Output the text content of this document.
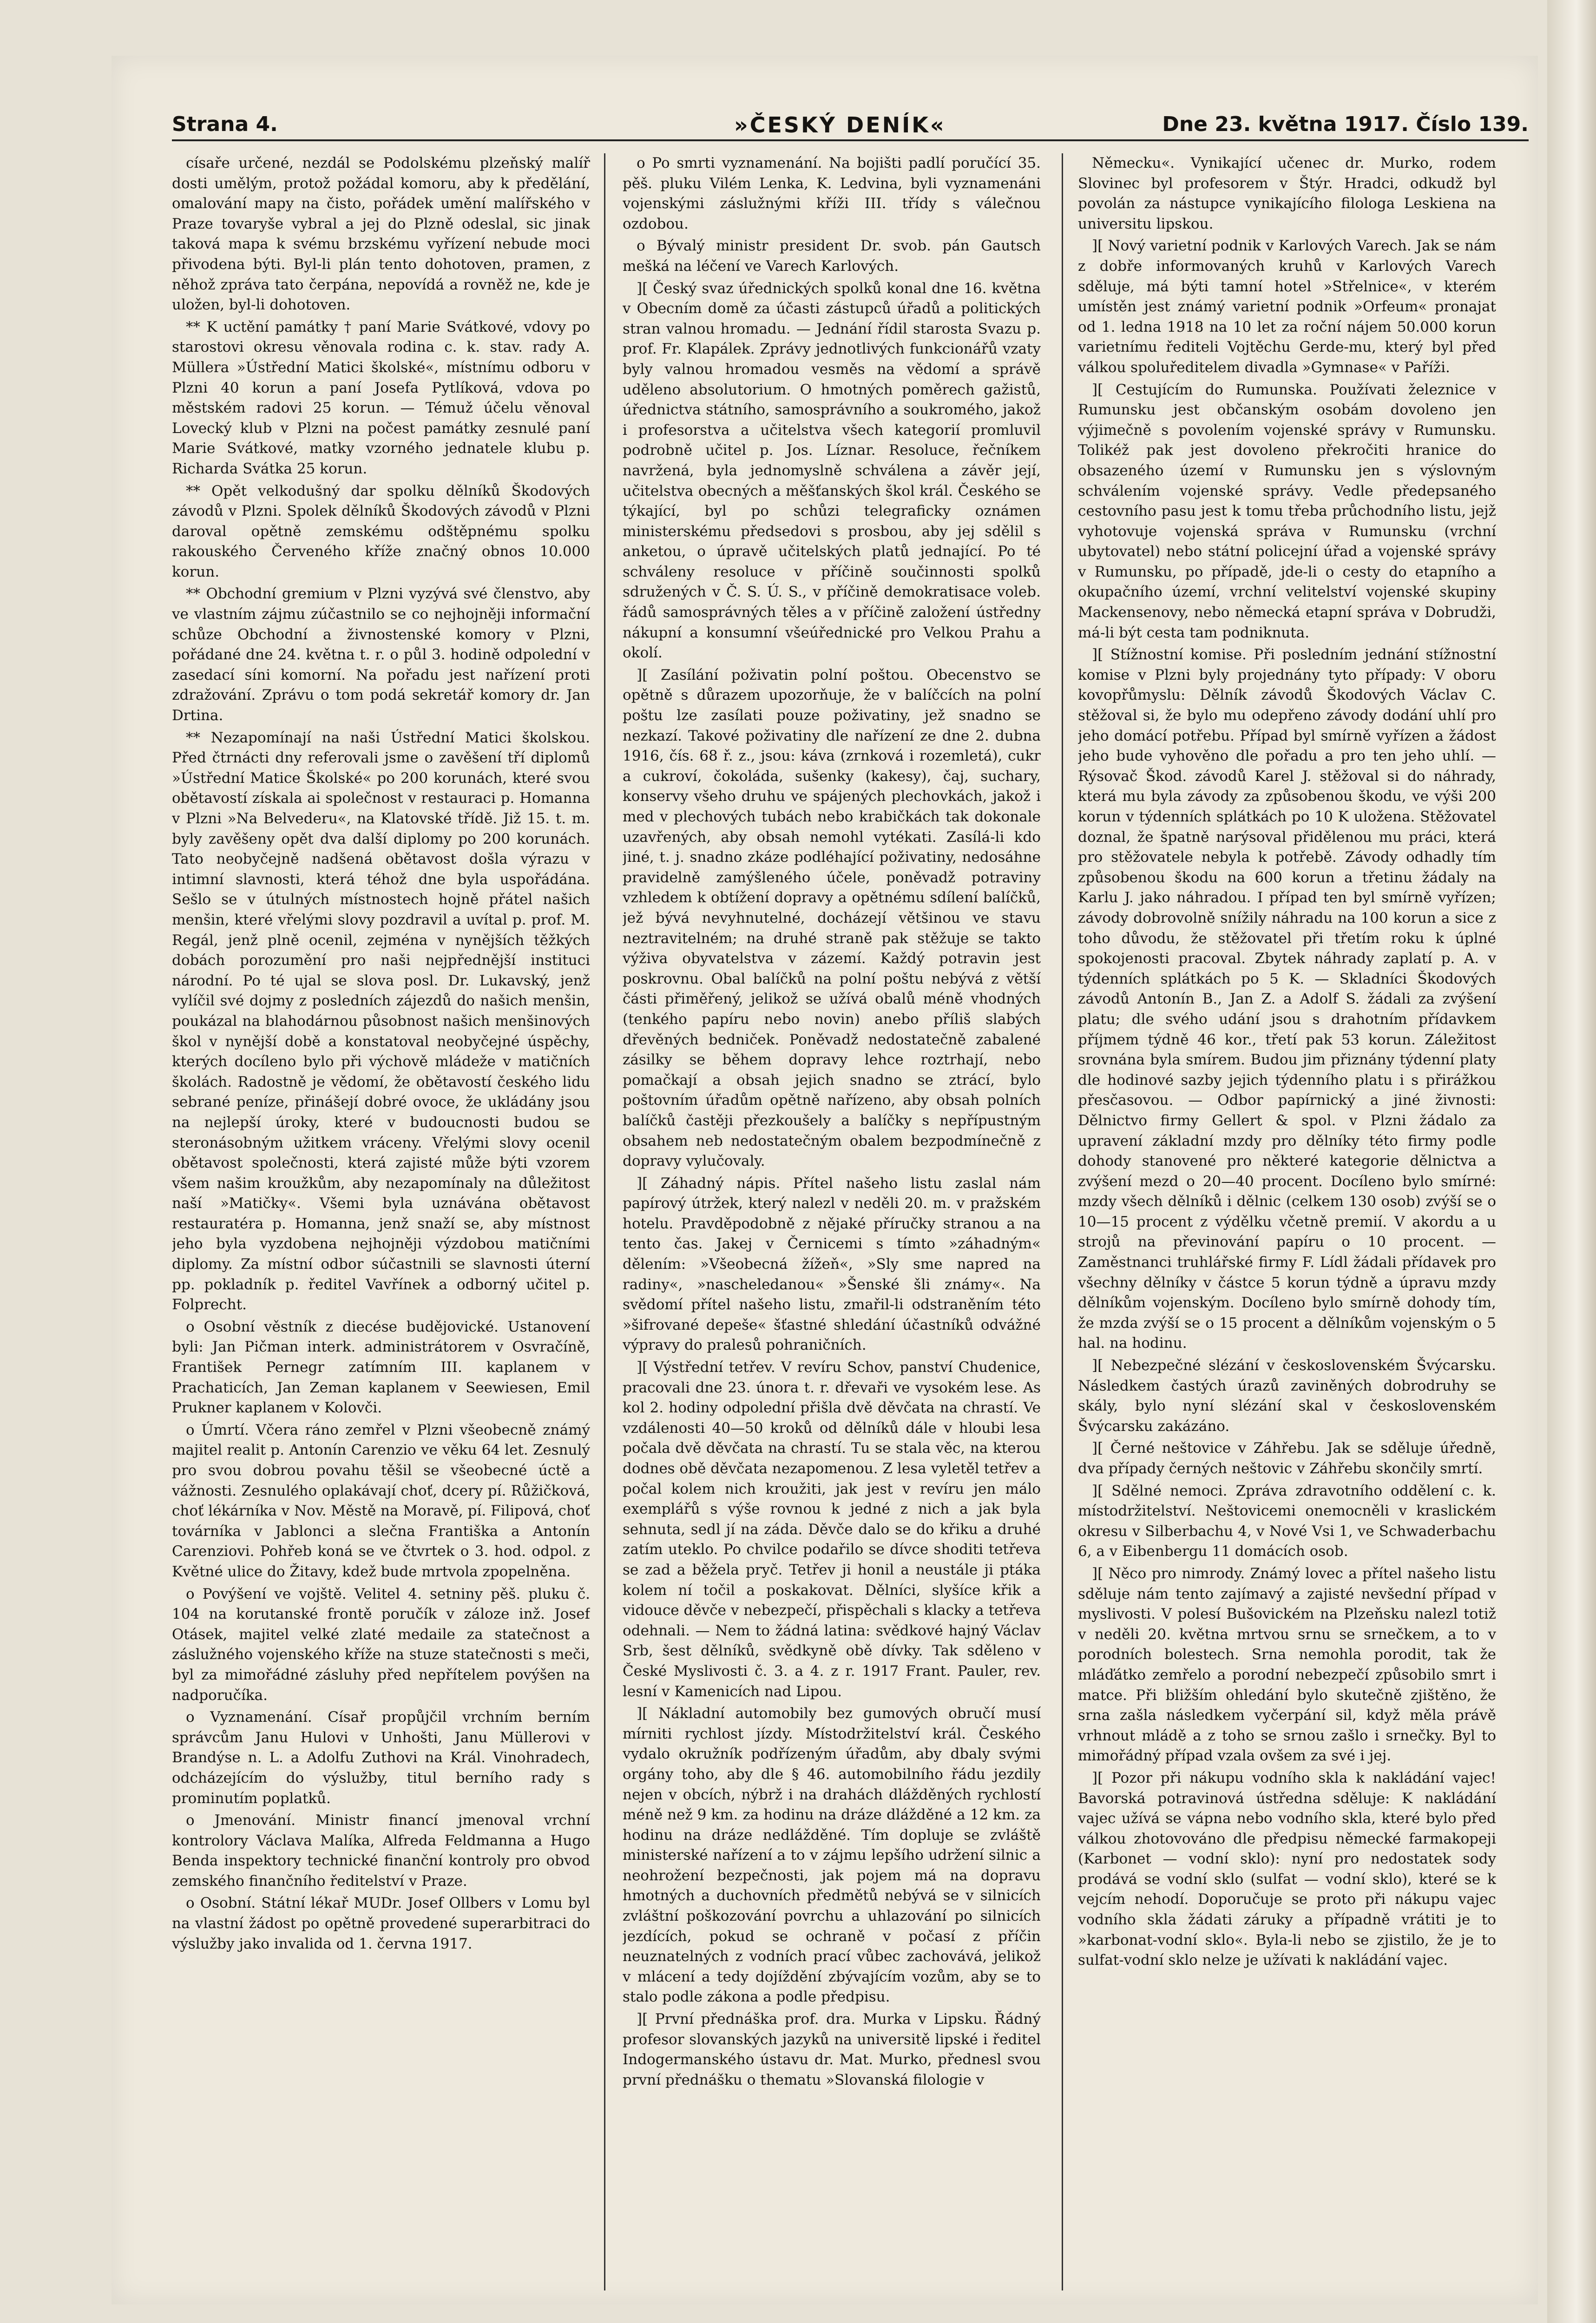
Strana 4.	»ČESKÝ DENÍK«	Dne 23. května 1917. Číslo 139.

císaře určené, nezdál se Podolskému plzeňský malíř dosti umělým, protož požádal komoru, aby k předělání, omalování mapy na čisto, pořádek umění malířského v Praze tovaryše vybral a jej do Plzně odeslal, sic jinak taková mapa k svému brzskému vyřízení nebude moci přivodena býti. Byl-li plán tento dohotoven, pramen, z něhož zpráva tato čerpána, nepovídá a rovněž ne, kde je uložen, byl-li dohotoven.

** K uctění památky † paní Marie Svátkové, vdovy po starostovi okresu věnovala rodina c. k. stav. rady A. Müllera »Ústřední Matici školské«, místnímu odboru v Plzni 40 korun a paní Josefa Pytlíková, vdova po městském radovi 25 korun. — Témuž účelu věnoval Lovecký klub v Plzni na počest památky zesnulé paní Marie Svátkové, matky vzorného jednatele klubu p. Richarda Svátka 25 korun.

** Opět velkodušný dar spolku dělníků Škodových závodů v Plzni. Spolek dělníků Škodových závodů v Plzni daroval opětně zemskému odštěpnému spolku rakouského Červeného kříže značný obnos 10.000 korun.

** Obchodní gremium v Plzni vyzývá své členstvo, aby ve vlastním zájmu zúčastnilo se co nejhojněji informační schůze Obchodní a živnostenské komory v Plzni, pořádané dne 24. května t. r. o půl 3. hodině odpolední v zasedací síni komorní. Na pořadu jest nařízení proti zdražování. Zprávu o tom podá sekretář komory dr. Jan Drtina.

** Nezapomínají na naši Ústřední Matici školskou. Před čtrnácti dny referovali jsme o zavěšení tří diplomů »Ústřední Matice Školské« po 200 korunách, které svou obětavostí získala ai společnost v restauraci p. Homanna v Plzni »Na Belvederu«, na Klatovské třídě. Již 15. t. m. byly zavěšeny opět dva další diplomy po 200 korunách. Tato neobyčejně nadšená obětavost došla výrazu v intimní slavnosti, která téhož dne byla uspořádána. Sešlo se v útulných místnostech hojně přátel našich menšin, které vřelými slovy pozdravil a uvítal p. prof. M. Regál, jenž plně ocenil, zejména v nynějších těžkých dobách porozumění pro naši nejpřednější instituci národní. Po té ujal se slova posl. Dr. Lukavský, jenž vylíčil své dojmy z posledních zájezdů do našich menšin, poukázal na blahodárnou působnost našich menšinových škol v nynější době a konstatoval neobyčejné úspěchy, kterých docíleno bylo při výchově mládeže v matičních školách. Radostně je vědomí, že obětavostí českého lidu sebrané peníze, přinášejí dobré ovoce, že ukládány jsou na nejlepší úroky, které v budoucnosti budou se steronásobným užitkem vráceny. Vřelými slovy ocenil obětavost společnosti, která zajisté může býti vzorem všem našim kroužkům, aby nezapomínaly na důležitost naší »Matičky«. Všemi byla uznávána obětavost restauratéra p. Homanna, jenž snaží se, aby místnost jeho byla vyzdobena nejhojněji výzdobou matičními diplomy. Za místní odbor súčastnili se slavnosti úterní pp. pokladník p. ředitel Vavřínek a odborný učitel p. Folprecht.

o Osobní věstník z diecése budějovické. Ustanovení byli: Jan Pičman interk. administrátorem v Osvračíně, František Pernegr zatímním III. kaplanem v Prachaticích, Jan Zeman kaplanem v Seewiesen, Emil Prukner kaplanem v Kolovči.

o Úmrtí. Včera ráno zemřel v Plzni všeobecně známý majitel realit p. Antonín Carenzio ve věku 64 let. Zesnulý pro svou dobrou povahu těšil se všeobecné úctě a vážnosti. Zesnulého oplakávají choť, dcery pí. Růžičková, choť lékárníka v Nov. Městě na Moravě, pí. Filipová, choť továrníka v Jablonci a slečna Františka a Antonín Carenziovi. Pohřeb koná se ve čtvrtek o 3. hod. odpol. z Květné ulice do Žitavy, kdež bude mrtvola zpopelněna.

o Povýšení ve vojště. Velitel 4. setniny pěš. pluku č. 104 na korutanské frontě poručík v záloze inž. Josef Otásek, majitel velké zlaté medaile za statečnost a záslužného vojenského kříže na stuze statečnosti s meči, byl za mimořádné zásluhy před nepřítelem povýšen na nadporučíka.

o Vyznamenání. Císař propůjčil vrchním berním správcům Janu Hulovi v Unhošti, Janu Müllerovi v Brandýse n. L. a Adolfu Zuthovi na Král. Vinohradech, odcházejícím do výslužby, titul berního rady s prominutím poplatků.

o Jmenování. Ministr financí jmenoval vrchní kontrolory Václava Malíka, Alfreda Feldmanna a Hugo Benda inspektory technické finanční kontroly pro obvod zemského finančního ředitelství v Praze.

o Osobní. Státní lékař MUDr. Josef Ollbers v Lomu byl na vlastní žádost po opětně provedené superarbitraci do výslužby jako invalida od 1. června 1917.

o Po smrti vyznamenání. Na bojišti padlí poručící 35. pěš. pluku Vilém Lenka, K. Ledvina, byli vyznamenáni vojenskými záslužnými kříži III. třídy s válečnou ozdobou.

o Bývalý ministr president Dr. svob. pán Gautsch mešká na léčení ve Varech Karlových.

][ Český svaz úřednických spolků konal dne 16. května v Obecním domě za účasti zástupců úřadů a politických stran valnou hromadu. — Jednání řídil starosta Svazu p. prof. Fr. Klapálek. Zprávy jednotlivých funkcionářů vzaty byly valnou hromadou vesměs na vědomí a správě uděleno absolutorium. O hmotných poměrech gažistů, úřednictva státního, samosprávního a soukromého, jakož i profesorstva a učitelstva všech kategorií promluvil podrobně učitel p. Jos. Líznar. Resoluce, řečníkem navržená, byla jednomyslně schválena a závěr její, učitelstva obecných a měšťanských škol král. Českého se týkající, byl po schůzi telegraficky oznámen ministerskému předsedovi s prosbou, aby jej sdělil s anketou, o úpravě učitelských platů jednající. Po té schváleny resoluce v příčině součinnosti spolků sdružených v Č. S. Ú. S., v příčině demokratisace voleb. řádů samosprávných těles a v příčině založení ústředny nákupní a konsumní všeúřednické pro Velkou Prahu a okolí.

][ Zasílání poživatin polní poštou. Obecenstvo se opětně s důrazem upozorňuje, že v balíčcích na polní poštu lze zasílati pouze poživatiny, jež snadno se nezkazí. Takové poživatiny dle nařízení ze dne 2. dubna 1916, čís. 68 ř. z., jsou: káva (zrnková i rozemletá), cukr a cukroví, čokoláda, sušenky (kakesy), čaj, suchary, konservy všeho druhu ve spájených plechovkách, jakož i med v plechových tubách nebo krabičkách tak dokonale uzavřených, aby obsah nemohl vytékati. Zasílá-li kdo jiné, t. j. snadno zkáze podléhající poživatiny, nedosáhne pravidelně zamýšleného účele, poněvadž potraviny vzhledem k obtížení dopravy a opětnému sdílení balíčků, jež bývá nevyhnutelné, docházejí většinou ve stavu neztravitelném; na druhé straně pak stěžuje se takto výživa obyvatelstva v zázemí. Každý potravin jest poskrovnu. Obal balíčků na polní poštu nebývá z větší části přiměřený, jelikož se užívá obalů méně vhodných (tenkého papíru nebo novin) anebo příliš slabých dřevěných bedniček. Poněvadž nedostatečně zabalené zásilky se během dopravy lehce roztrhají, nebo pomačkají a obsah jejich snadno se ztrácí, bylo poštovním úřadům opětně nařízeno, aby obsah polních balíčků častěji přezkoušely a balíčky s nepřípustným obsahem neb nedostatečným obalem bezpodmínečně z dopravy vylučovaly.

][ Záhadný nápis. Přítel našeho listu zaslal nám papírový útržek, který nalezl v neděli 20. m. v pražském hotelu. Pravděpodobně z nějaké příručky stranou a na tento čas. Jakej v Černicemi s tímto »záhadným« dělením: »Všeobecná žížeň«, »Sly sme napred na radiny«, »nascheledanou« »Šenské šli známy«. Na svědomí přítel našeho listu, zmařil-li odstraněním této »šifrované depeše« šťastné shledání účastníků odvážné výpravy do pralesů pohraničních.

][ Výstřední tetřev. V revíru Schov, panství Chudenice, pracovali dne 23. února t. r. dřevaři ve vysokém lese. As kol 2. hodiny odpolední přišla dvě děvčata na chrastí. Ve vzdálenosti 40—50 kroků od dělníků dále v hloubi lesa počala dvě děvčata na chrastí. Tu se stala věc, na kterou dodnes obě děvčata nezapomenou. Z lesa vyletěl tetřev a počal kolem nich kroužiti, jak jest v revíru jen málo exemplářů s výše rovnou k jedné z nich a jak byla sehnuta, sedl jí na záda. Děvče dalo se do křiku a druhé zatím uteklo. Po chvilce podařilo se dívce shoditi tetřeva se zad a běžela pryč. Tetřev ji honil a neustále ji ptáka kolem ní točil a poskakovat. Dělníci, slyšíce křik a vidouce děvče v nebezpečí, přispěchali s klacky a tetřeva odehnali. — Nem to žádná latina: svědkové hajný Václav Srb, šest dělníků, svědkyně obě dívky. Tak sděleno v České Myslivosti č. 3. a 4. z r. 1917 Frant. Pauler, rev. lesní v Kamenicích nad Lipou.

][ Nákladní automobily bez gumových obručí musí mírniti rychlost jízdy. Místodržitelství král. Českého vydalo okružník podřízeným úřadům, aby dbaly svými orgány toho, aby dle § 46. automobilního řádu jezdily nejen v obcích, nýbrž i na drahách dlážděných rychlostí méně než 9 km. za hodinu na dráze dlážděné a 12 km. za hodinu na dráze nedlážděné. Tím dopluje se zvláště ministerské nařízení a to v zájmu lepšího udržení silnic a neohrožení bezpečnosti, jak pojem má na dopravu hmotných a duchovních předmětů nebývá se v silnicích zvláštní poškozování povrchu a uhlazování po silnicích jezdících, pokud se ochraně v počasí z příčin neuznatelných z vodních prací vůbec zachovává, jelikož v mlácení a tedy dojíždění zbývajícím vozům, aby se to stalo podle zákona a podle předpisu.

][ První přednáška prof. dra. Murka v Lipsku. Řádný profesor slovanských jazyků na universitě lipské i ředitel Indogermanského ústavu dr. Mat. Murko, přednesl svou první přednášku o thematu »Slovanská filologie v

Německu«. Vynikající učenec dr. Murko, rodem Slovinec byl profesorem v Štýr. Hradci, odkudž byl povolán za nástupce vynikajícího filologa Leskiena na universitu lipskou.

][ Nový varietní podnik v Karlových Varech. Jak se nám z dobře informovaných kruhů v Karlových Varech sděluje, má býti tamní hotel »Střelnice«, v kterém umístěn jest známý varietní podnik »Orfeum« pronajat od 1. ledna 1918 na 10 let za roční nájem 50.000 korun varietnímu řediteli Vojtěchu Gerde-mu, který byl před válkou spoluředitelem divadla »Gymnase« v Paříži.

][ Cestujícím do Rumunska. Používati železnice v Rumunsku jest občanským osobám dovoleno jen výjimečně s povolením vojenské správy v Rumunsku. Tolikéž pak jest dovoleno překročiti hranice do obsazeného území v Rumunsku jen s výslovným schválením vojenské správy. Vedle předepsaného cestovního pasu jest k tomu třeba průchodního listu, jejž vyhotovuje vojenská správa v Rumunsku (vrchní ubytovatel) nebo státní policejní úřad a vojenské správy v Rumunsku, po případě, jde-li o cesty do etapního a okupačního území, vrchní velitelství vojenské skupiny Mackensenovy, nebo německá etapní správa v Dobrudži, má-li být cesta tam podniknuta.

][ Stížnostní komise. Při posledním jednání stížnostní komise v Plzni byly projednány tyto případy: V oboru kovopřůmyslu: Dělník závodů Škodových Václav C. stěžoval si, že bylo mu odepřeno závody dodání uhlí pro jeho domácí potřebu. Případ byl smírně vyřízen a žádost jeho bude vyhověno dle pořadu a pro ten jeho uhlí. — Rýsovač Škod. závodů Karel J. stěžoval si do náhrady, která mu byla závody za způsobenou škodu, ve výši 200 korun v týdenních splátkách po 10 K uložena. Stěžovatel doznal, že špatně narýsoval přidělenou mu práci, která pro stěžovatele nebyla k potřebě. Závody odhadly tím způsobenou škodu na 600 korun a třetinu žádaly na Karlu J. jako náhradou. I případ ten byl smírně vyřízen; závody dobrovolně snížily náhradu na 100 korun a sice z toho důvodu, že stěžovatel při třetím roku k úplné spokojenosti pracoval. Zbytek náhrady zaplatí p. A. v týdenních splátkách po 5 K. — Skladníci Škodových závodů Antonín B., Jan Z. a Adolf S. žádali za zvýšení platu; dle svého udání jsou s drahotním přídavkem příjmem týdně 46 kor., třetí pak 53 korun. Záležitost srovnána byla smírem. Budou jim přiznány týdenní platy dle hodinové sazby jejich týdenního platu i s přirážkou přesčasovou. — Odbor papírnický a jiné živnosti: Dělnictvo firmy Gellert & spol. v Plzni žádalo za upravení základní mzdy pro dělníky této firmy podle dohody stanovené pro některé kategorie dělnictva a zvýšení mezd o 20—40 procent. Docíleno bylo smírné: mzdy všech dělníků i dělnic (celkem 130 osob) zvýší se o 10—15 procent z výdělku včetně premií. V akordu a u strojů na převinování papíru o 10 procent. — Zaměstnanci truhlářské firmy F. Lídl žádali přídavek pro všechny dělníky v částce 5 korun týdně a úpravu mzdy dělníkům vojenským. Docíleno bylo smírně dohody tím, že mzda zvýší se o 15 procent a dělníkům vojenským o 5 hal. na hodinu.

][ Nebezpečné slézání v československém Švýcarsku. Následkem častých úrazů zaviněných dobrodruhy se skály, bylo nyní slézání skal v československém Švýcarsku zakázáno.

][ Černé neštovice v Záhřebu. Jak se sděluje úředně, dva případy černých neštovic v Záhřebu skončily smrtí.

][ Sdělné nemoci. Zpráva zdravotního oddělení c. k. místodržitelství. Neštovicemi onemocněli v kraslickém okresu v Silberbachu 4, v Nové Vsi 1, ve Schwaderbachu 6, a v Eibenbergu 11 domácích osob.

][ Něco pro nimrody. Známý lovec a přítel našeho listu sděluje nám tento zajímavý a zajisté nevšední případ v myslivosti. V polesí Bušovickém na Plzeňsku nalezl totiž v neděli 20. května mrtvou srnu se srnečkem, a to v porodních bolestech. Srna nemohla porodit, tak že mláďátko zemřelo a porodní nebezpečí způsobilo smrt i matce. Při bližším ohledání bylo skutečně zjištěno, že srna zašla následkem vyčerpání sil, když měla právě vrhnout mládě a z toho se srnou zašlo i srnečky. Byl to mimořádný případ vzala ovšem za své i jej.

][ Pozor při nákupu vodního skla k nakládání vajec! Bavorská potravinová ústředna sděluje: K nakládání vajec užívá se vápna nebo vodního skla, které bylo před válkou zhotovováno dle předpisu německé farmakopeji (Karbonet — vodní sklo): nyní pro nedostatek sody prodává se vodní sklo (sulfat — vodní sklo), které se k vejcím nehodí. Doporučuje se proto při nákupu vajec vodního skla žádati záruky a případně vrátiti je to »karbonat-vodní sklo«. Byla-li nebo se zjistilo, že je to sulfat-vodní sklo nelze je užívati k nakládání vajec.
